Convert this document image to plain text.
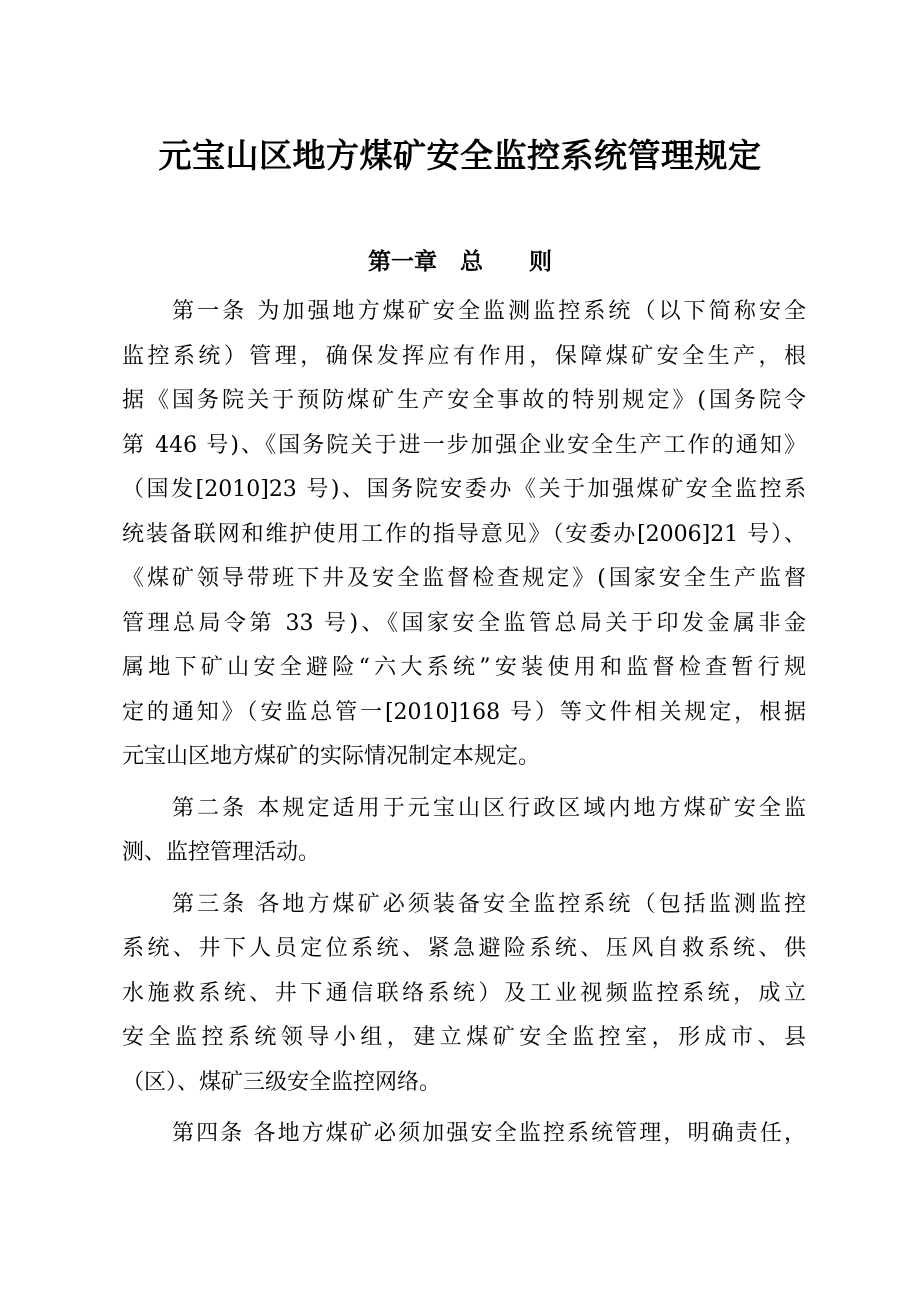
元宝山区地方煤矿安全监控系统管理规定
第一章　总　　则
第一条 为加强地方煤矿安全监测监控系统（以下简称安全
监控系统）管理，确保发挥应有作用，保障煤矿安全生产，根
据《国务院关于预防煤矿生产安全事故的特别规定》(国务院令
第 446 号)、《国务院关于进一步加强企业安全生产工作的通知》
（国发[2010]23 号)、国务院安委办《关于加强煤矿安全监控系
统装备联网和维护使用工作的指导意见》（安委办[2006]21 号）、
《煤矿领导带班下井及安全监督检查规定》(国家安全生产监督
管理总局令第 33 号)、《国家安全监管总局关于印发金属非金
属地下矿山安全避险“六大系统”安装使用和监督检查暂行规
定的通知》（安监总管一[2010]168 号）等文件相关规定，根据
元宝山区地方煤矿的实际情况制定本规定。
第二条 本规定适用于元宝山区行政区域内地方煤矿安全监
测、监控管理活动。
第三条 各地方煤矿必须装备安全监控系统（包括监测监控
系统、井下人员定位系统、紧急避险系统、压风自救系统、供
水施救系统、井下通信联络系统）及工业视频监控系统，成立
安全监控系统领导小组，建立煤矿安全监控室，形成市、县
（区）、煤矿三级安全监控网络。
第四条 各地方煤矿必须加强安全监控系统管理，明确责任，
